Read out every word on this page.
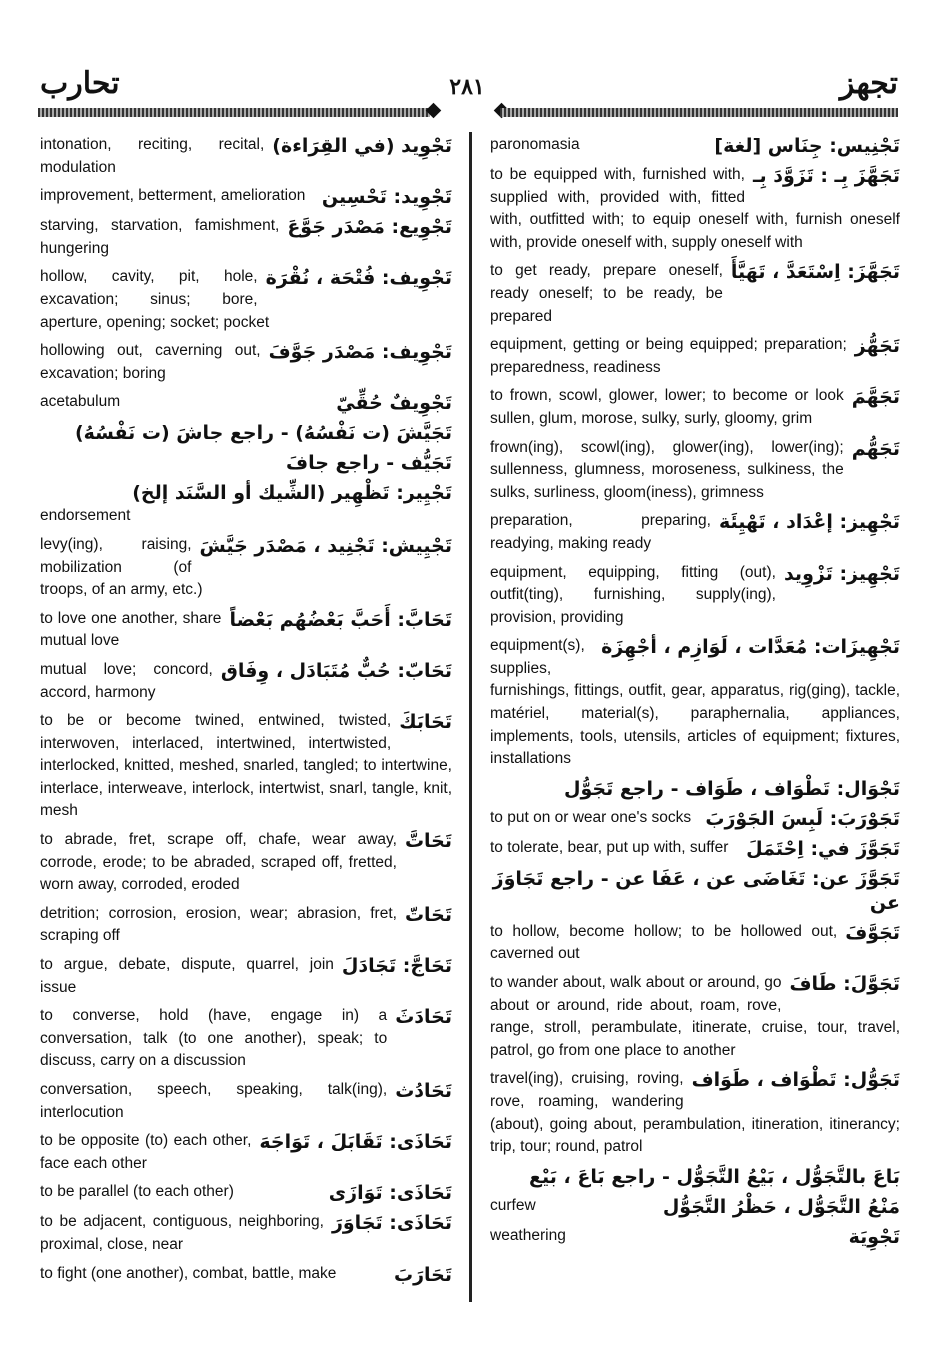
تحارب	٢٨١	تجهز
تَجْوِيد (في القِرَاءة)
intonation, reciting, recital, modulation
تَجْوِيد: تَحْسِين
improvement, betterment, amelioration
تَجْوِيع: مَصْدَر جَوَّعَ
starving, starvation, famishment, hungering
تَجْوِيف: فُتْحَة ، نُقْرَة
hollow, cavity, pit, hole, excavation; sinus; bore, aperture, opening; socket; pocket
تَجْوِيف: مَصْدَر جَوَّفَ
hollowing out, caverning out, excavation; boring
تَجْوِيفٌ حُقِّيّ
acetabulum
تَجَيَّشَ (ت نَفْسُهُ) - راجع جاشَ (ت نَفْسُهُ)
تَجَيُّف - راجع جافَ
تَجْيِير: تَظْهِير (الشِّيك أو السَّنَد إلخ)
endorsement
تَجْيِيش: تَجْنِيد ، مَصْدَر جَيَّشَ
levy(ing), raising, mobilization (of troops, of an army, etc.)
تَحَابَّ: أَحَبَّ بَعْضُهُم بَعْضاً
to love one another, share mutual love
تَحَابّ: حُبٌّ مُتَبَادَل ، وِفَاق
mutual love; concord, accord, harmony
تَحَابَكَ
to be or become twined, entwined, twisted, interwoven, interlaced, intertwined, intertwisted, interlocked, knitted, meshed, snarled, tangled; to intertwine, interlace, interweave, interlock, intertwist, snarl, tangle, knit, mesh
تَحَاتَّ
to abrade, fret, scrape off, chafe, wear away, corrode, erode; to be abraded, scraped off, fretted, worn away, corroded, eroded
تَحَاتّ
detrition; corrosion, erosion, wear; abrasion, fret, scraping off
تَحَاجَّ: تَجَادَلَ
to argue, debate, dispute, quarrel, join issue
تَحَادَثَ
to converse, hold (have, engage in) a conversation, talk (to one another), speak; to discuss, carry on a discussion
تَحَادُث
conversation, speech, speaking, talk(ing), interlocution
تَحَاذَى: تَقَابَلَ ، تَوَاجَهَ
to be opposite (to) each other, face each other
تَحَاذَى: تَوَازَى
to be parallel (to each other)
تَحَاذَى: تَجَاوَرَ
to be adjacent, contiguous, neighboring, proximal, close, near
تَحَارَبَ
to fight (one another), combat, battle, make
تَجْنِيس: جِنَاس [لغة]
paronomasia
تَجَهَّزَ بِـ : تَزَوَّدَ بِـ
to be equipped with, furnished with, supplied with, provided with, fitted with, outfitted with; to equip oneself with, furnish oneself with, provide oneself with, supply oneself with
تَجَهَّزَ: اِسْتَعَدَّ ، تَهَيَّأَ
to get ready, prepare oneself, ready oneself; to be ready, be prepared
تَجَهُّز
equipment, getting or being equipped; preparation; preparedness, readiness
تَجَهَّمَ
to frown, scowl, glower, lower; to become or look sullen, glum, morose, sulky, surly, gloomy, grim
تَجَهُّم
frown(ing), scowl(ing), glower(ing), lower(ing); sullenness, glumness, moroseness, sulkiness, the sulks, surliness, gloom(iness), grimness
تَجْهِيز: إعْدَاد ، تَهْيِئَة
preparation, preparing, readying, making ready
تَجْهِيز: تَزْوِيد
equipment, equipping, fitting (out), outfit(ting), furnishing, supply(ing), provision, providing
تَجْهِيزَات: مُعَدَّات ، لَوَازِم ، أجْهِزَة
equipment(s), supplies, furnishings, fittings, outfit, gear, apparatus, rig(ging), tackle, matériel, material(s), paraphernalia, appliances, implements, tools, utensils, articles of equipment; fixtures, installations
تَجْوَال: تَطْوَاف ، طَوَاف - راجع تَجَوُّل
تَجَوْرَبَ: لَبِسَ الجَوْرَبَ
to put on or wear one's socks
تَجَوَّزَ في: اِحْتَمَلَ
to tolerate, bear, put up with, suffer
تَجَوَّزَ عن: تَغَاضَى عن ، عَفَا عن - راجع تَجَاوَزَ عن
تَجَوَّفَ
to hollow, become hollow; to be hollowed out, caverned out
تَجَوَّلَ: طَافَ
to wander about, walk about or around, go about or around, ride about, roam, rove, range, stroll, perambulate, itinerate, cruise, tour, travel, patrol, go from one place to another
تَجَوُّل: تَطْوَاف ، طَوَاف
travel(ing), cruising, roving, rove, roaming, wandering (about), going about, perambulation, itineration, itinerancy; trip, tour; round, patrol
بَاعَ بالتَّجَوُّل ، بَيْعُ التَّجَوُّل - راجع بَاعَ ، بَيْع
مَنْعُ التَّجَوُّل ، حَظْرُ التَّجَوُّل
curfew
تَجْوِيَة
weathering
